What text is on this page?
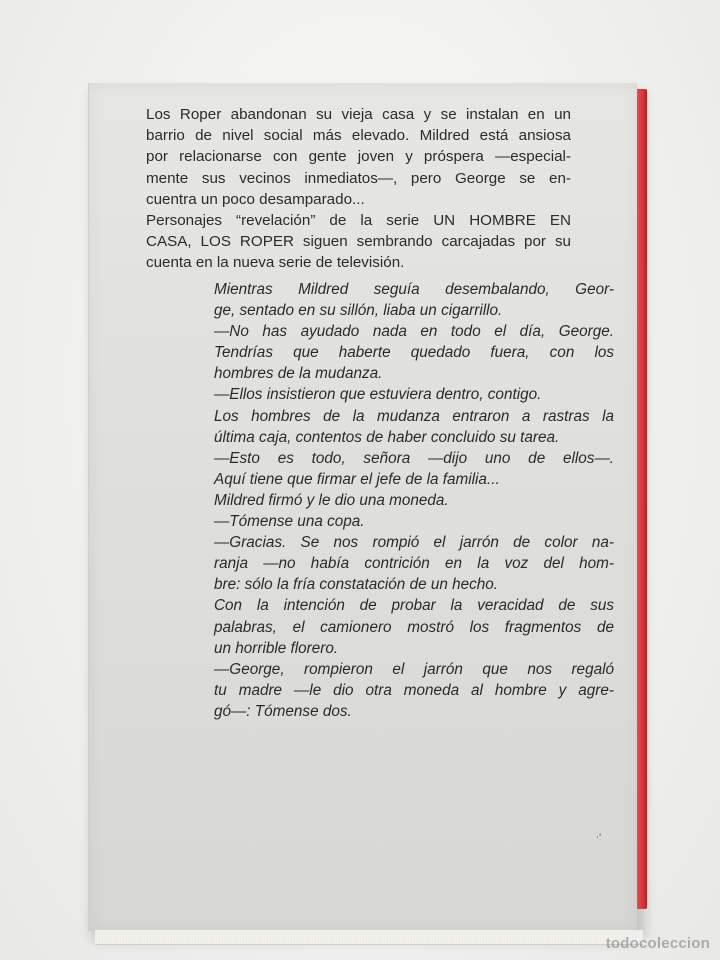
Los Roper abandonan su vieja casa y se instalan en un

barrio de nivel social más elevado. Mildred está ansiosa

por relacionarse con gente joven y próspera —especial-

mente sus vecinos inmediatos—, pero George se en-

cuentra un poco desamparado...

Personajes “revelación” de la serie UN HOMBRE EN

CASA, LOS ROPER siguen sembrando carcajadas por su

cuenta en la nueva serie de televisión.

Mientras Mildred seguía desembalando, Geor-

ge, sentado en su sillón, liaba un cigarrillo.

—No has ayudado nada en todo el día, George.

Tendrías que haberte quedado fuera, con los

hombres de la mudanza.

—Ellos insistieron que estuviera dentro, contigo.

Los hombres de la mudanza entraron a rastras la

última caja, contentos de haber concluido su tarea.

—Esto es todo, señora —dijo uno de ellos—.

Aquí tiene que firmar el jefe de la familia...

Mildred firmó y le dio una moneda.

—Tómense una copa.

—Gracias. Se nos rompió el jarrón de color na-

ranja —no había contrición en la voz del hom-

bre: sólo la fría constatación de un hecho.

Con la intención de probar la veracidad de sus

palabras, el camionero mostró los fragmentos de

un horrible florero.

—George, rompieron el jarrón que nos regaló

tu madre —le dio otra moneda al hombre y agre-

gó—: Tómense dos.

·'
todocoleccion
